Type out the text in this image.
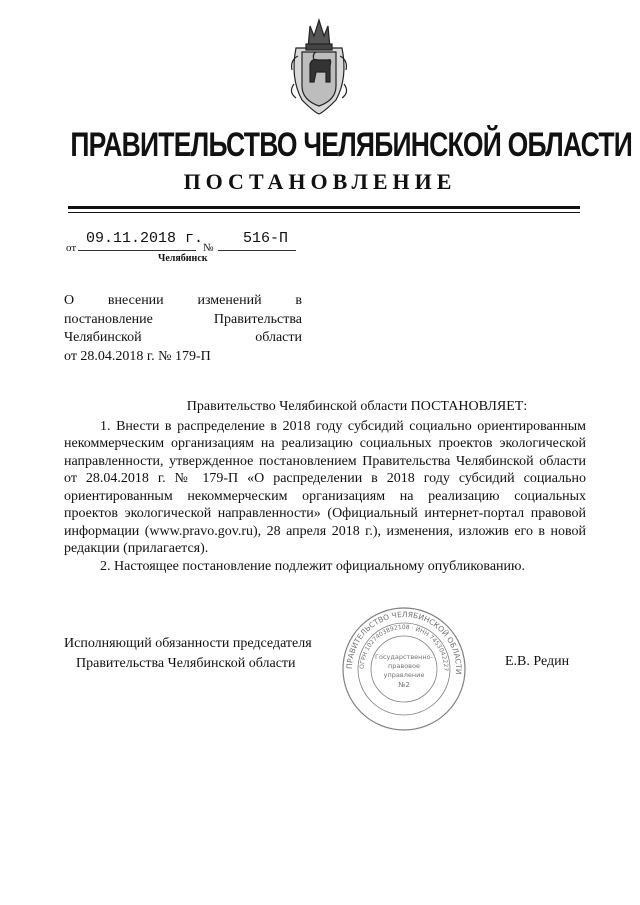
ПРАВИТЕЛЬСТВО ЧЕЛЯБИНСКОЙ ОБЛАСТИ
ПОСТАНОВЛЕНИЕ
от
09.11.2018 г.
№
516-П
Челябинск
О внесении изменений в
постановление Правительства
Челябинской области
от 28.04.2018 г. № 179-П
Правительство Челябинской области ПОСТАНОВЛЯЕТ:

1. Внести в распределение в 2018 году субсидий социально ориентированным некоммерческим организациям на реализацию социальных проектов экологической направленности, утвержденное постановлением Правительства Челябинской области от 28.04.2018 г. № 179-П «О распределении в 2018 году субсидий социально ориентированным некоммерческим организациям на реализацию социальных проектов экологической направленности» (Официальный интернет-портал правовой информации (www.pravo.gov.ru), 28 апреля 2018 г.), изменения, изложив его в новой редакции (прилагается).

2. Настоящее постановление подлежит официальному опубликованию.

Исполняющий обязанности председателя
Правительства Челябинской области	Е.В. Редин
ПРАВИТЕЛЬСТВО ЧЕЛЯБИНСКОЙ ОБЛАСТИ
ОГРН 1027403892108 · ИНН 7453042227
Государственно-
правовое
управление
№2
